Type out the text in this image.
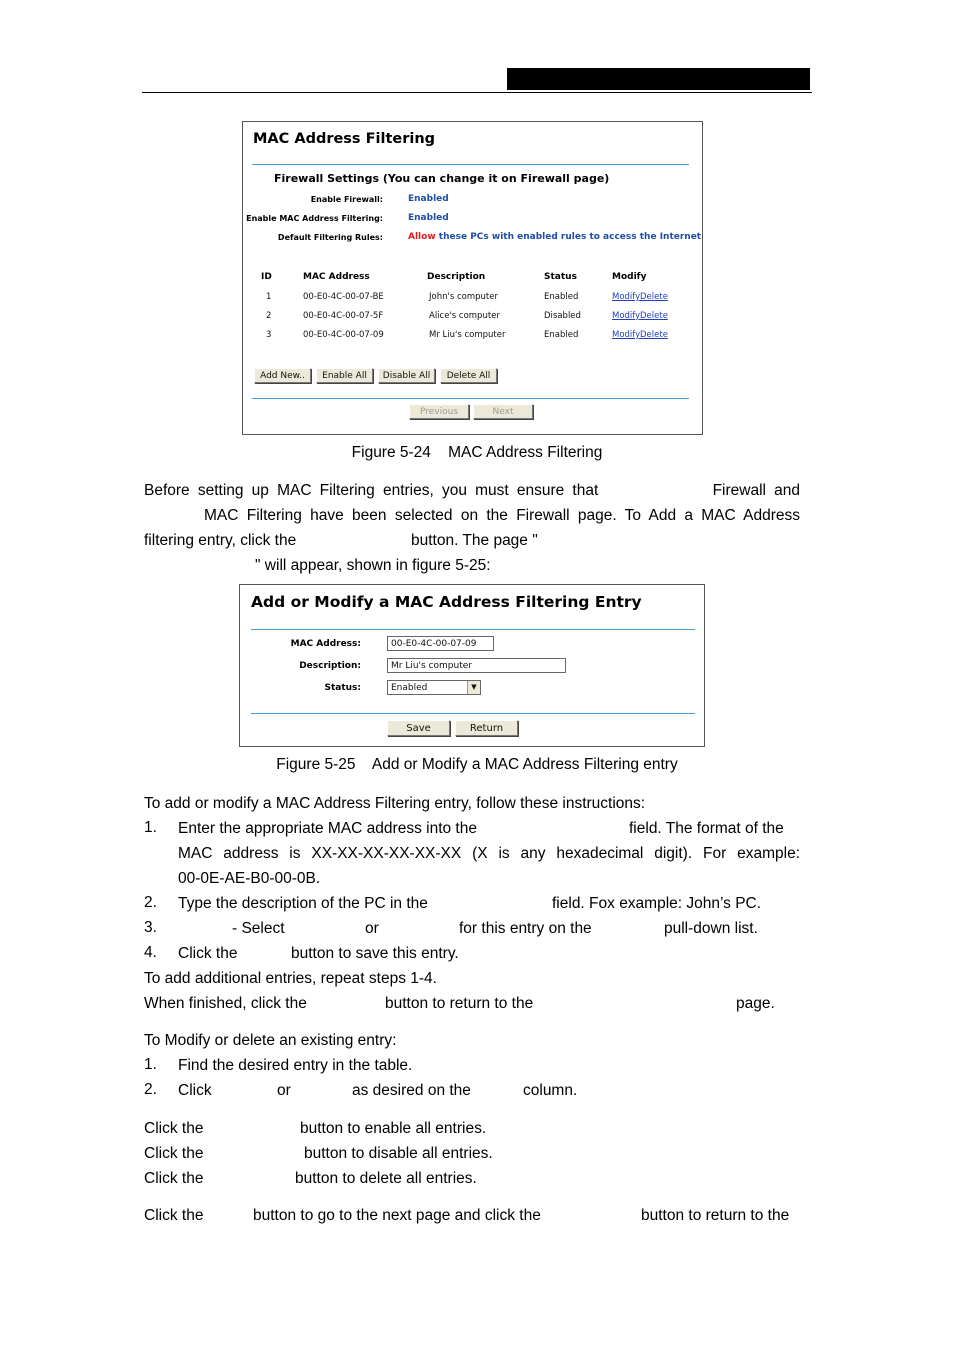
MAC Address Filtering
Firewall Settings (You can change it on Firewall page)
Enable Firewall:	Enabled
Enable MAC Address Filtering:	Enabled
Default Filtering Rules:	Allow these PCs with enabled rules to access the Internet
ID	MAC Address	Description	Status	Modify
1	00-E0-4C-00-07-BE	John's computer	Enabled	Modify Delete
2	00-E0-4C-00-07-5F	Alice's computer	Disabled	Modify Delete
3	00-E0-4C-00-07-09	Mr Liu's computer	Enabled	Modify Delete
Add New..	Enable All	Disable All	Delete All
Previous	Next
Figure 5-24    MAC Address Filtering
Before setting up MAC Filtering entries, you must ensure that              Firewall and
MAC Filtering have been selected on the Firewall page. To Add a MAC Address
filtering entry, click the	button. The page "
" will appear, shown in figure 5-25:
Add or Modify a MAC Address Filtering Entry
MAC Address:	00-E0-4C-00-07-09
Description:	Mr Liu's computer
Status:	Enabled	▼
Save	Return
Figure 5-25    Add or Modify a MAC Address Filtering entry
To add or modify a MAC Address Filtering entry, follow these instructions:
1. Enter the appropriate MAC address into the	field. The format of the
MAC address is XX-XX-XX-XX-XX-XX (X is any hexadecimal digit). For example:
00-0E-AE-B0-00-0B.
2. Type the description of the PC in the	field. Fox example: John’s PC.
3.	- Select	or	for this entry on the	pull-down list.
4. Click the	button to save this entry.
To add additional entries, repeat steps 1-4.
When finished, click the	button to return to the	page.
To Modify or delete an existing entry:
1. Find the desired entry in the table.
2. Click	or	as desired on the	column.
Click the	button to enable all entries.
Click the	button to disable all entries.
Click the	button to delete all entries.
Click the	button to go to the next page and click the	button to return to the
